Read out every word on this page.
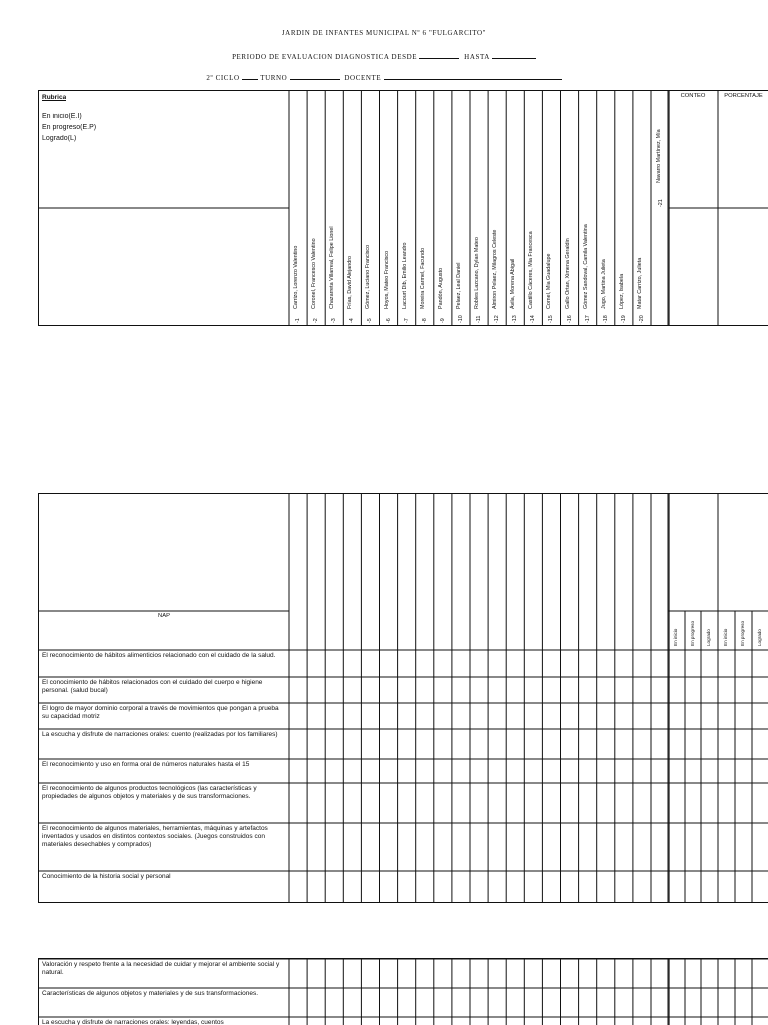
JARDIN DE INFANTES MUNICIPAL Nº 6 "FULGARCITO"
PERIODO DE EVALUACION DIAGNOSTICA DESDE	HASTA
2º CICLO	TURNO	DOCENTE
Rubrica
En inicio(E.I)
En progreso(E.P)
Logrado(L)
Carrizo, Lorenzo Valentino
-1
Coronel, Francesco Valentino
-2
Chazarreta Villarreal, Felipe Lionel
-3
Frías, David Alejandro
-4
Gómez, Luciano Francisco
-5
Hoyos, Mateo Francisco
-6
Lacourt Dib, Emilio Leandro
-7
Moreira Carmel, Facundo
-8
Pandón, Augusto
-9
Pelaez, Leal Daniel
-10
Robles Lazcano, Dylan Mateo
-11
Almiron Pelaez, Milagros Celeste
-12
Ávila, Morena Abigail
-13
Castillo Cáceres, Mia Francesca
-14
Cornel, Mia Guadalupe
-15
Gallo Ortan, Ximena Geraldin
-16
Gómez Sandoval, Camila Valentina
-17
Jugo, Martina Julieta
-18
López, Isabela
-19
Matar Carrizo, Julieta
-20
Navarro Martínez, Mía
-21
CONTEO	PORCENTAJE
NAP
El reconocimiento de hábitos alimenticios relacionado con el cuidado de la salud.
El conocimiento de hábitos relacionados con el cuidado del cuerpo e higiene personal. (salud bucal)
El logro de mayor dominio corporal a través de movimientos que pongan a prueba su capacidad motriz
La escucha y disfrute de narraciones orales: cuento (realizadas por los familiares)
El reconocimiento y uso en forma oral de números naturales hasta el 15
El reconocimiento de algunos productos tecnológicos (las características y propiedades de algunos objetos y materiales y de sus transformaciones.
El reconocimiento de algunos materiales, herramientas, máquinas y artefactos inventados y usados en distintos contextos sociales. (Juegos construidos con materiales desechables y comprados)
Conocimiento de la historia social y personal
En inicio	En progreso Logrado	En inicio	En progreso	Logrado
Valoración y respeto frente a la necesidad de cuidar y mejorar el ambiente social y natural.
Características de algunos objetos y materiales y de sus transformaciones.
La escucha y disfrute de narraciones orales: leyendas, cuentos
